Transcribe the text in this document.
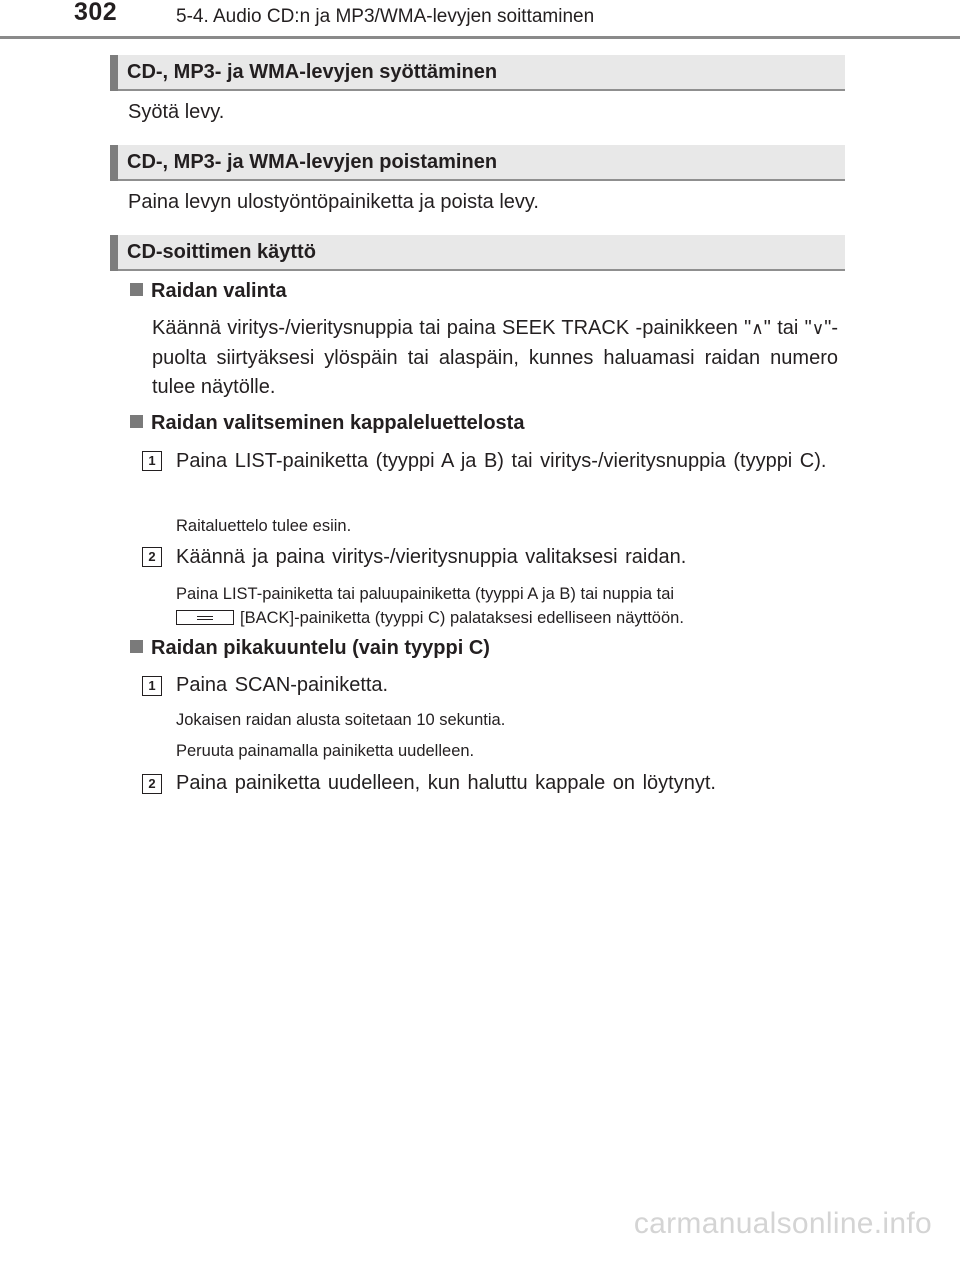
302	5-4. Audio CD:n ja MP3/WMA-levyjen soittaminen
CD-, MP3- ja WMA-levyjen syöttäminen
Syötä levy.
CD-, MP3- ja WMA-levyjen poistaminen
Paina levyn ulostyöntöpainiketta ja poista levy.
CD-soittimen käyttö
Raidan valinta
Käännä viritys-/vieritysnuppia tai paina SEEK TRACK -painikkeen "∧" tai "∨"-puolta siirtyäksesi ylöspäin tai alaspäin, kunnes haluamasi raidan numero tulee näytölle.
Raidan valitseminen kappaleluettelosta
1	Paina LIST-painiketta (tyyppi A ja B) tai viritys-/vieritysnuppia (tyyppi C).
Raitaluettelo tulee esiin.
2	Käännä ja paina viritys-/vieritysnuppia valitaksesi raidan.
Paina LIST-painiketta tai paluupainiketta (tyyppi A ja B) tai nuppia tai
[BACK]-painiketta (tyyppi C) palataksesi edelliseen näyttöön.
Raidan pikakuuntelu (vain tyyppi C)
1	Paina SCAN-painiketta.
Jokaisen raidan alusta soitetaan 10 sekuntia.
Peruuta painamalla painiketta uudelleen.
2	Paina painiketta uudelleen, kun haluttu kappale on löytynyt.
carmanualsonline.info
